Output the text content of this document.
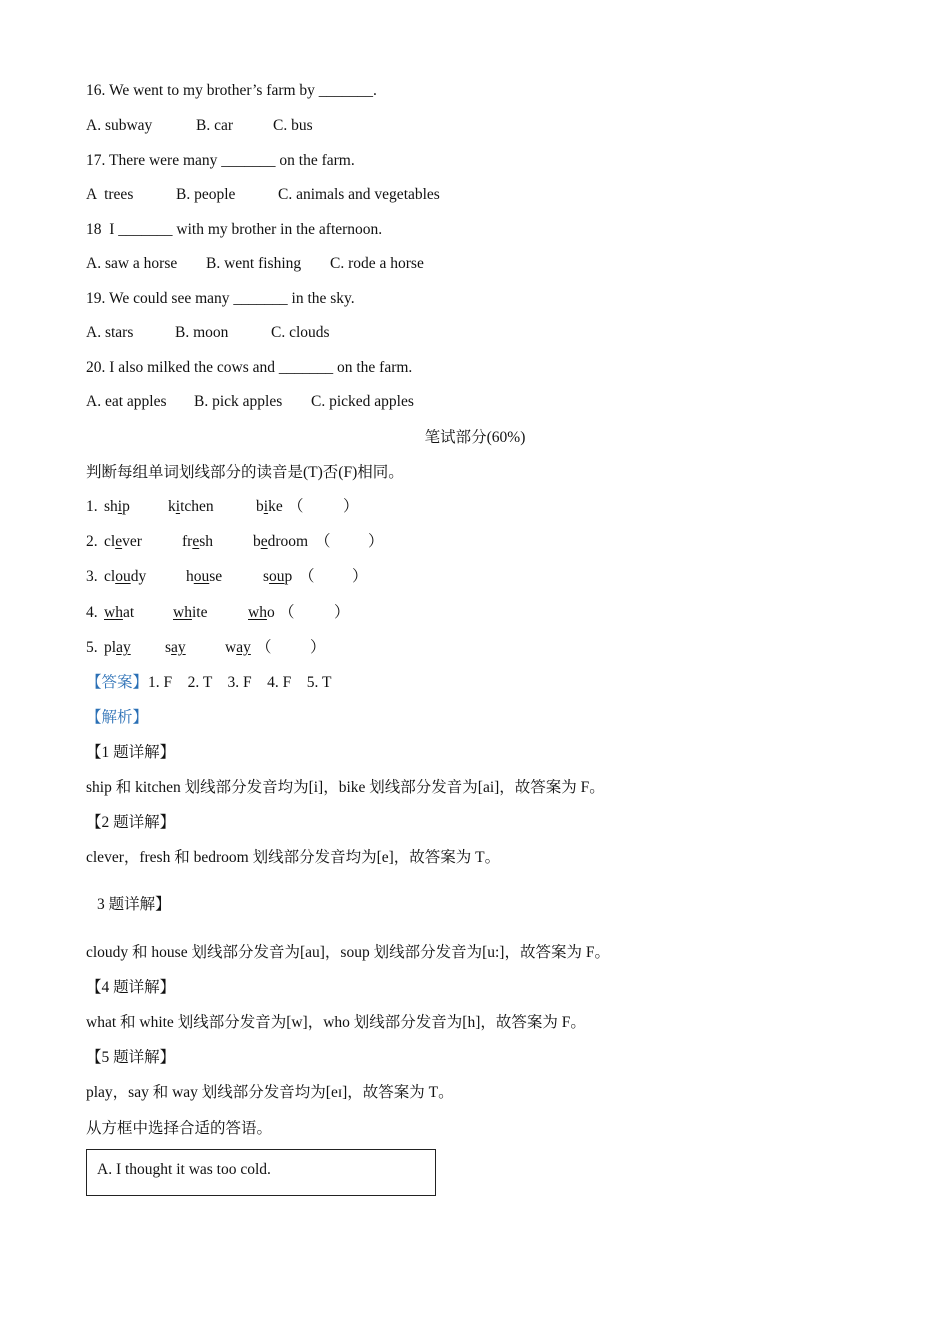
16. We went to my brother’s farm by _______.
A. subway	B. car	C. bus
17. There were many _______ on the farm.
A  trees	B. people	C. animals and vegetables
18  I _______ with my brother in the afternoon.
A. saw a horse B. went fishing C. rode a horse
19. We could see many _______ in the sky.
A. stars	B. moon	C. clouds
20. I also milked the cows and _______ on the farm.
A. eat apples B. pick apples C. picked apples
笔试部分(60%)
判断每组单词划线部分的读音是(T)否(F)相同。
1. ship kitchen	bike （	）
2. clever	fresh	bedroom （ ）
3. cloudy	house	soup （ ）
4. what	white	who （	）
5. play say	way （ ）
【答案】1. F    2. T    3. F    4. F    5. T
【解析】
【1 题详解】
ship 和 kitchen 划线部分发音均为[i]，bike 划线部分发音为[ai]，故答案为 F。
【2 题详解】
clever，fresh 和 bedroom 划线部分发音均为[e]，故答案为 T。
3 题详解】
cloudy 和 house 划线部分发音为[au]，soup 划线部分发音为[u:]，故答案为 F。
【4 题详解】
what 和 white 划线部分发音为[w]，who 划线部分发音为[h]，故答案为 F。
【5 题详解】
play，say 和 way 划线部分发音均为[eɪ]，故答案为 T。
从方框中选择合适的答语。
A. I thought it was too cold.
